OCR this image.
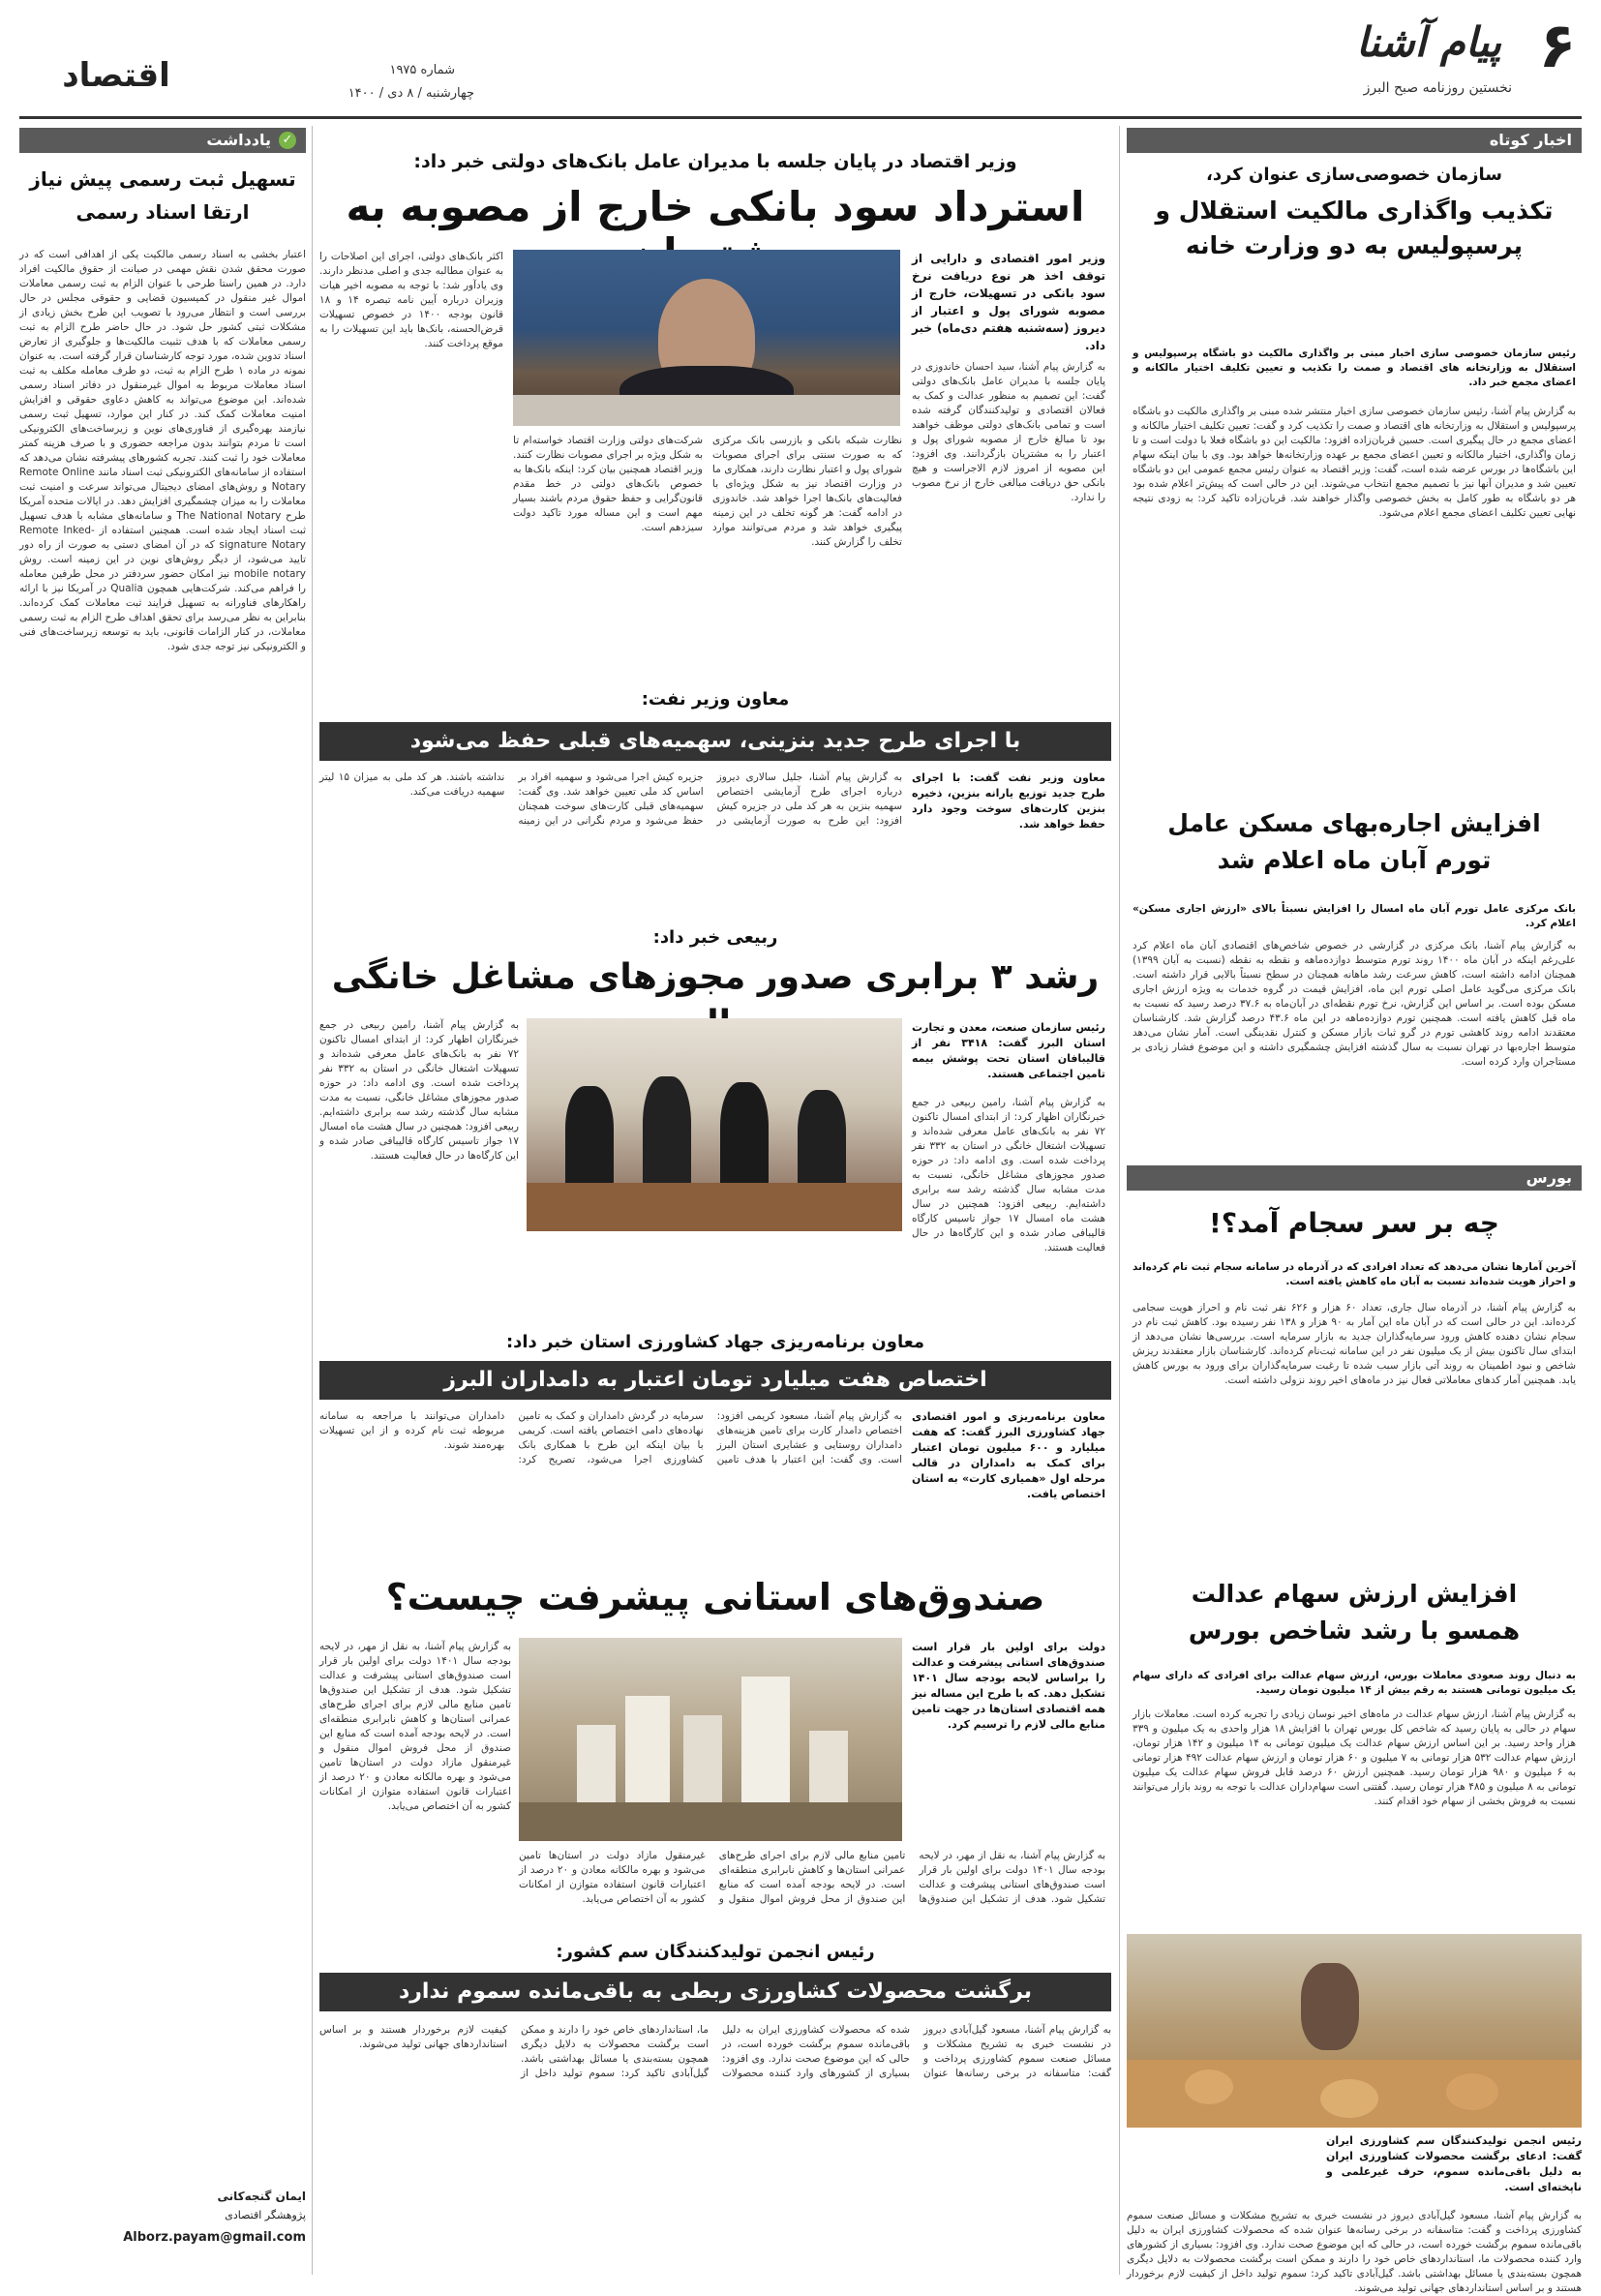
۶
پیام آشنا
نخستین روزنامه صبح البرز
شماره ۱۹۷۵
چهارشنبه / ۸ دی / ۱۴۰۰
اقتصاد
اخبار کوتاه
سازمان خصوصی‌سازی عنوان کرد،
تکذیب واگذاری مالکیت استقلال و پرسپولیس به دو وزارت خانه
رئیس سازمان خصوصی سازی اخبار مبنی بر واگذاری مالکیت دو باشگاه پرسپولیس و استقلال به وزارتخانه های اقتصاد و صمت را تکذیب و تعیین تکلیف اختیار مالکانه و اعضای مجمع خبر داد.
به گزارش پیام آشنا، رئیس سازمان خصوصی سازی اخبار منتشر شده مبنی بر واگذاری مالکیت دو باشگاه پرسپولیس و استقلال به وزارتخانه های اقتصاد و صمت را تکذیب کرد و گفت: تعیین تکلیف اختیار مالکانه و اعضای مجمع در حال پیگیری است. حسین قربان‌زاده افزود: مالکیت این دو باشگاه فعلا با دولت است و تا زمان واگذاری، اختیار مالکانه و تعیین اعضای مجمع بر عهده وزارتخانه‌ها خواهد بود. وی با بیان اینکه سهام این باشگاه‌ها در بورس عرضه شده است، گفت: وزیر اقتصاد به عنوان رئیس مجمع عمومی این دو باشگاه تعیین شد و مدیران آنها نیز با تصمیم مجمع انتخاب می‌شوند. این در حالی است که پیش‌تر اعلام شده بود هر دو باشگاه به طور کامل به بخش خصوصی واگذار خواهند شد. قربان‌زاده تاکید کرد: به زودی نتیجه نهایی تعیین تکلیف اعضای مجمع اعلام می‌شود.
افزایش اجاره‌بهای مسکن عامل تورم آبان ماه اعلام شد
بانک مرکزی عامل تورم آبان ماه امسال را افزایش نسبتاً بالای «ارزش اجاری مسکن» اعلام کرد.
به گزارش پیام آشنا، بانک مرکزی در گزارشی در خصوص شاخص‌های اقتصادی آبان ماه اعلام کرد علی‌رغم اینکه در آبان ماه ۱۴۰۰ روند تورم متوسط دوازده‌ماهه و نقطه به نقطه (نسبت به آبان ۱۳۹۹) همچنان ادامه داشته است، کاهش سرعت رشد ماهانه همچنان در سطح نسبتاً بالایی قرار داشته است. بانک مرکزی می‌گوید عامل اصلی تورم این ماه، افزایش قیمت در گروه خدمات به ویژه ارزش اجاری مسکن بوده است. بر اساس این گزارش، نرخ تورم نقطه‌ای در آبان‌ماه به ۳۷.۶ درصد رسید که نسبت به ماه قبل کاهش یافته است. همچنین تورم دوازده‌ماهه در این ماه ۴۳.۶ درصد گزارش شد. کارشناسان معتقدند ادامه روند کاهشی تورم در گرو ثبات بازار مسکن و کنترل نقدینگی است. آمار نشان می‌دهد متوسط اجاره‌بها در تهران نسبت به سال گذشته افزایش چشمگیری داشته و این موضوع فشار زیادی بر مستاجران وارد کرده است.
بورس
چه بر سر سجام آمد؟!
آخرین آمارها نشان می‌دهد که تعداد افرادی که در آذرماه در سامانه سجام ثبت نام کرده‌اند و احراز هویت شده‌اند نسبت به آبان ماه کاهش یافته است.
به گزارش پیام آشنا، در آذرماه سال جاری، تعداد ۶۰ هزار و ۶۲۶ نفر ثبت نام و احراز هویت سجامی کرده‌اند. این در حالی است که در آبان ماه این آمار به ۹۰ هزار و ۱۳۸ نفر رسیده بود. کاهش ثبت نام در سجام نشان دهنده کاهش ورود سرمایه‌گذاران جدید به بازار سرمایه است. بررسی‌ها نشان می‌دهد از ابتدای سال تاکنون بیش از یک میلیون نفر در این سامانه ثبت‌نام کرده‌اند. کارشناسان بازار معتقدند ریزش شاخص و نبود اطمینان به روند آتی بازار سبب شده تا رغبت سرمایه‌گذاران برای ورود به بورس کاهش یابد. همچنین آمار کدهای معاملاتی فعال نیز در ماه‌های اخیر روند نزولی داشته است.
افزایش ارزش سهام عدالت همسو با رشد شاخص بورس
به دنبال روند صعودی معاملات بورس، ارزش سهام عدالت برای افرادی که دارای سهام یک میلیون تومانی هستند به رقم بیش از ۱۴ میلیون تومان رسید.
به گزارش پیام آشنا، ارزش سهام عدالت در ماه‌های اخیر نوسان زیادی را تجربه کرده است. معاملات بازار سهام در حالی به پایان رسید که شاخص کل بورس تهران با افزایش ۱۸ هزار واحدی به یک میلیون و ۳۳۹ هزار واحد رسید. بر این اساس ارزش سهام عدالت یک میلیون تومانی به ۱۴ میلیون و ۱۴۲ هزار تومان، ارزش سهام عدالت ۵۳۲ هزار تومانی به ۷ میلیون و ۶۰ هزار تومان و ارزش سهام عدالت ۴۹۲ هزار تومانی به ۶ میلیون و ۹۸۰ هزار تومان رسید. همچنین ارزش ۶۰ درصد قابل فروش سهام عدالت یک میلیون تومانی به ۸ میلیون و ۴۸۵ هزار تومان رسید. گفتنی است سهام‌داران عدالت با توجه به روند بازار می‌توانند نسبت به فروش بخشی از سهام خود اقدام کنند.
وزیر اقتصاد در پایان جلسه با مدیران عامل بانک‌های دولتی خبر داد:
استرداد سود بانکی خارج از مصوبه به
وزیر امور اقتصادی و دارایی از توقف اخذ هر نوع دریافت نرخ سود بانکی در تسهیلات، خارج از مصوبه شورای پول و اعتبار از دیروز (سه‌شنبه هفتم دی‌ماه) خبر داد.
به گزارش پیام آشنا، سید احسان خاندوزی در پایان جلسه با مدیران عامل بانک‌های دولتی گفت: این تصمیم به منظور عدالت و کمک به فعالان اقتصادی و تولیدکنندگان گرفته شده است و تمامی بانک‌های دولتی موظف خواهند بود تا مبالغ خارج از مصوبه شورای پول و اعتبار را به مشتریان بازگردانند. وی افزود: این مصوبه از امروز لازم الاجراست و هیچ بانکی حق دریافت مبالغی خارج از نرخ مصوب را ندارد.
نظارت شبکه بانکی و بازرسی بانک مرکزی که به صورت سنتی برای اجرای مصوبات شورای پول و اعتبار نظارت دارند، همکاری ما در وزارت اقتصاد نیز به شکل ویژه‌ای با فعالیت‌های بانک‌ها اجرا خواهد شد. خاندوزی در ادامه گفت: هر گونه تخلف در این زمینه پیگیری خواهد شد و مردم می‌توانند موارد تخلف را گزارش کنند.
شرکت‌های دولتی وزارت اقتصاد خواسته‌ام تا به شکل ویژه بر اجرای مصوبات نظارت کنند. وزیر اقتصاد همچنین بیان کرد: اینکه بانک‌ها به خصوص بانک‌های دولتی در خط مقدم قانون‌گرایی و حفظ حقوق مردم باشند بسیار مهم است و این مساله مورد تاکید دولت سیزدهم است.
اکثر بانک‌های دولتی، اجرای این اصلاحات را به عنوان مطالبه جدی و اصلی مدنظر دارند. وی یادآور شد: با توجه به مصوبه اخیر هیات وزیران درباره آیین نامه تبصره ۱۴ و ۱۸ قانون بودجه ۱۴۰۰ در خصوص تسهیلات قرض‌الحسنه، بانک‌ها باید این تسهیلات را به موقع پرداخت کنند.
معاون وزیر نفت:
با اجرای طرح جدید بنزینی، سهمیه‌های قبلی حفظ می‌شود
معاون وزیر نفت گفت: با اجرای طرح جدید توزیع یارانه بنزین، ذخیره بنزین کارت‌های سوخت وجود دارد حفظ خواهد شد.
به گزارش پیام آشنا، جلیل سالاری دیروز درباره اجرای طرح آزمایشی اختصاص سهمیه بنزین به هر کد ملی در جزیره کیش افزود: این طرح به صورت آزمایشی در جزیره کیش اجرا می‌شود و سهمیه افراد بر اساس کد ملی تعیین خواهد شد. وی گفت: سهمیه‌های قبلی کارت‌های سوخت همچنان حفظ می‌شود و مردم نگرانی در این زمینه نداشته باشند. هر کد ملی به میزان ۱۵ لیتر سهمیه دریافت می‌کند.
ربیعی خبر داد:
رشد ۳ برابری صدور مجوزهای مشاغل خانگی
رئیس سازمان صنعت، معدن و تجارت استان البرز گفت: ۳۴۱۸ نفر از قالیبافان استان تحت پوشش بیمه تامین اجتماعی هستند.
به گزارش پیام آشنا، رامین ربیعی در جمع خبرنگاران اظهار کرد: از ابتدای امسال تاکنون ۷۲ نفر به بانک‌های عامل معرفی شده‌اند و تسهیلات اشتغال خانگی در استان به ۳۳۲ نفر پرداخت شده است. وی ادامه داد: در حوزه صدور مجوزهای مشاغل خانگی، نسبت به مدت مشابه سال گذشته رشد سه برابری داشته‌ایم. ربیعی افزود: همچنین در سال هشت ماه امسال ۱۷ جواز تاسیس کارگاه قالیبافی صادر شده و این کارگاه‌ها در حال فعالیت هستند.
به گزارش پیام آشنا، رامین ربیعی در جمع خبرنگاران اظهار کرد: از ابتدای امسال تاکنون ۷۲ نفر به بانک‌های عامل معرفی شده‌اند و تسهیلات اشتغال خانگی در استان به ۳۳۲ نفر پرداخت شده است. وی ادامه داد: در حوزه صدور مجوزهای مشاغل خانگی، نسبت به مدت مشابه سال گذشته رشد سه برابری داشته‌ایم. ربیعی افزود: همچنین در سال هشت ماه امسال ۱۷ جواز تاسیس کارگاه قالیبافی صادر شده و این کارگاه‌ها در حال فعالیت هستند.
معاون برنامه‌ریزی جهاد کشاورزی استان خبر داد:
اختصاص هفت میلیارد تومان اعتبار به دامداران البرز
معاون برنامه‌ریزی و امور اقتصادی جهاد کشاورزی البرز گفت: که هفت میلیارد و ۶۰۰ میلیون تومان اعتبار برای کمک به دامداران در قالب مرحله اول «همیاری کارت» به استان اختصاص یافت.
به گزارش پیام آشنا، مسعود کریمی افزود: اختصاص دامدار کارت برای تامین هزینه‌های دامداران روستایی و عشایری استان البرز است. وی گفت: این اعتبار با هدف تامین سرمایه در گردش دامداران و کمک به تامین نهاده‌های دامی اختصاص یافته است. کریمی با بیان اینکه این طرح با همکاری بانک کشاورزی اجرا می‌شود، تصریح کرد: دامداران می‌توانند با مراجعه به سامانه مربوطه ثبت نام کرده و از این تسهیلات بهره‌مند شوند.
صندوق‌های استانی پیشرفت چیست؟
دولت برای اولین بار قرار است صندوق‌های استانی پیشرفت و عدالت را براساس لایحه بودجه سال ۱۴۰۱ تشکیل دهد. که با طرح این مساله نیز همه اقتصادی استان‌ها در جهت تامین منابع مالی لازم را ترسیم کرد.
به گزارش پیام آشنا، به نقل از مهر، در لایحه بودجه سال ۱۴۰۱ دولت برای اولین بار قرار است صندوق‌های استانی پیشرفت و عدالت تشکیل شود. هدف از تشکیل این صندوق‌ها تامین منابع مالی لازم برای اجرای طرح‌های عمرانی استان‌ها و کاهش نابرابری منطقه‌ای است. در لایحه بودجه آمده است که منابع این صندوق از محل فروش اموال منقول و غیرمنقول مازاد دولت در استان‌ها تامین می‌شود و بهره مالکانه معادن و ۲۰ درصد از اعتبارات قانون استفاده متوازن از امکانات کشور به آن اختصاص می‌یابد.
به گزارش پیام آشنا، به نقل از مهر، در لایحه بودجه سال ۱۴۰۱ دولت برای اولین بار قرار است صندوق‌های استانی پیشرفت و عدالت تشکیل شود. هدف از تشکیل این صندوق‌ها تامین منابع مالی لازم برای اجرای طرح‌های عمرانی استان‌ها و کاهش نابرابری منطقه‌ای است. در لایحه بودجه آمده است که منابع این صندوق از محل فروش اموال منقول و غیرمنقول مازاد دولت در استان‌ها تامین می‌شود و بهره مالکانه معادن و ۲۰ درصد از اعتبارات قانون استفاده متوازن از امکانات کشور به آن اختصاص می‌یابد.
رئیس انجمن تولیدکنندگان سم کشور:
برگشت محصولات کشاورزی ربطی به باقی‌مانده سموم ندارد
رئیس انجمن تولیدکنندگان سم کشاورزی ایران گفت: ادعای برگشت محصولات کشاورزی ایران به دلیل باقی‌مانده سموم، حرف غیرعلمی و ناپخته‌ای است.
به گزارش پیام آشنا، مسعود گیل‌آبادی دیروز در نشست خبری به تشریح مشکلات و مسائل صنعت سموم کشاورزی پرداخت و گفت: متاسفانه در برخی رسانه‌ها عنوان شده که محصولات کشاورزی ایران به دلیل باقی‌مانده سموم برگشت خورده است، در حالی که این موضوع صحت ندارد. وی افزود: بسیاری از کشورهای وارد کننده محصولات ما، استانداردهای خاص خود را دارند و ممکن است برگشت محصولات به دلایل دیگری همچون بسته‌بندی یا مسائل بهداشتی باشد. گیل‌آبادی تاکید کرد: سموم تولید داخل از کیفیت لازم برخوردار هستند و بر اساس استانداردهای جهانی تولید می‌شوند.
به گزارش پیام آشنا، مسعود گیل‌آبادی دیروز در نشست خبری به تشریح مشکلات و مسائل صنعت سموم کشاورزی پرداخت و گفت: متاسفانه در برخی رسانه‌ها عنوان شده که محصولات کشاورزی ایران به دلیل باقی‌مانده سموم برگشت خورده است، در حالی که این موضوع صحت ندارد. وی افزود: بسیاری از کشورهای وارد کننده محصولات ما، استانداردهای خاص خود را دارند و ممکن است برگشت محصولات به دلایل دیگری همچون بسته‌بندی یا مسائل بهداشتی باشد. گیل‌آبادی تاکید کرد: سموم تولید داخل از کیفیت لازم برخوردار هستند و بر اساس استانداردهای جهانی تولید می‌شوند.
✓
یادداشت
تسهیل ثبت رسمی پیش نیاز ارتقا اسناد رسمی
اعتبار بخشی به اسناد رسمی مالکیت یکی از اهدافی است که در صورت محقق شدن نقش مهمی در صیانت از حقوق مالکیت افراد دارد. در همین راستا طرحی با عنوان الزام به ثبت رسمی معاملات اموال غیر منقول در کمیسیون قضایی و حقوقی مجلس در حال بررسی است و انتظار می‌رود با تصویب این طرح بخش زیادی از مشکلات ثبتی کشور حل شود. در حال حاضر طرح الزام به ثبت رسمی معاملات که با هدف تثبیت مالکیت‌ها و جلوگیری از تعارض اسناد تدوین شده، مورد توجه کارشناسان قرار گرفته است. به عنوان نمونه در ماده ۱ طرح الزام به ثبت، دو طرف معامله مکلف به ثبت اسناد معاملات مربوط به اموال غیرمنقول در دفاتر اسناد رسمی شده‌اند. این موضوع می‌تواند به کاهش دعاوی حقوقی و افزایش امنیت معاملات کمک کند. در کنار این موارد، تسهیل ثبت رسمی نیازمند بهره‌گیری از فناوری‌های نوین و زیرساخت‌های الکترونیکی است تا مردم بتوانند بدون مراجعه حضوری و با صرف هزینه کمتر معاملات خود را ثبت کنند. تجربه کشورهای پیشرفته نشان می‌دهد که استفاده از سامانه‌های الکترونیکی ثبت اسناد مانند Remote Online Notary و روش‌های امضای دیجیتال می‌تواند سرعت و امنیت ثبت معاملات را به میزان چشمگیری افزایش دهد. در ایالات متحده آمریکا طرح The National Notary و سامانه‌های مشابه با هدف تسهیل ثبت اسناد ایجاد شده است. همچنین استفاده از Remote Inked-signature Notary که در آن امضای دستی به صورت از راه دور تایید می‌شود، از دیگر روش‌های نوین در این زمینه است. روش mobile notary نیز امکان حضور سردفتر در محل طرفین معامله را فراهم می‌کند. شرکت‌هایی همچون Qualia در آمریکا نیز با ارائه راهکارهای فناورانه به تسهیل فرایند ثبت معاملات کمک کرده‌اند. بنابراین به نظر می‌رسد برای تحقق اهداف طرح الزام به ثبت رسمی معاملات، در کنار الزامات قانونی، باید به توسعه زیرساخت‌های فنی و الکترونیکی نیز توجه جدی شود.
ایمان گنجه‌کانی
پژوهشگر اقتصادی
Alborz.payam@gmail.com
